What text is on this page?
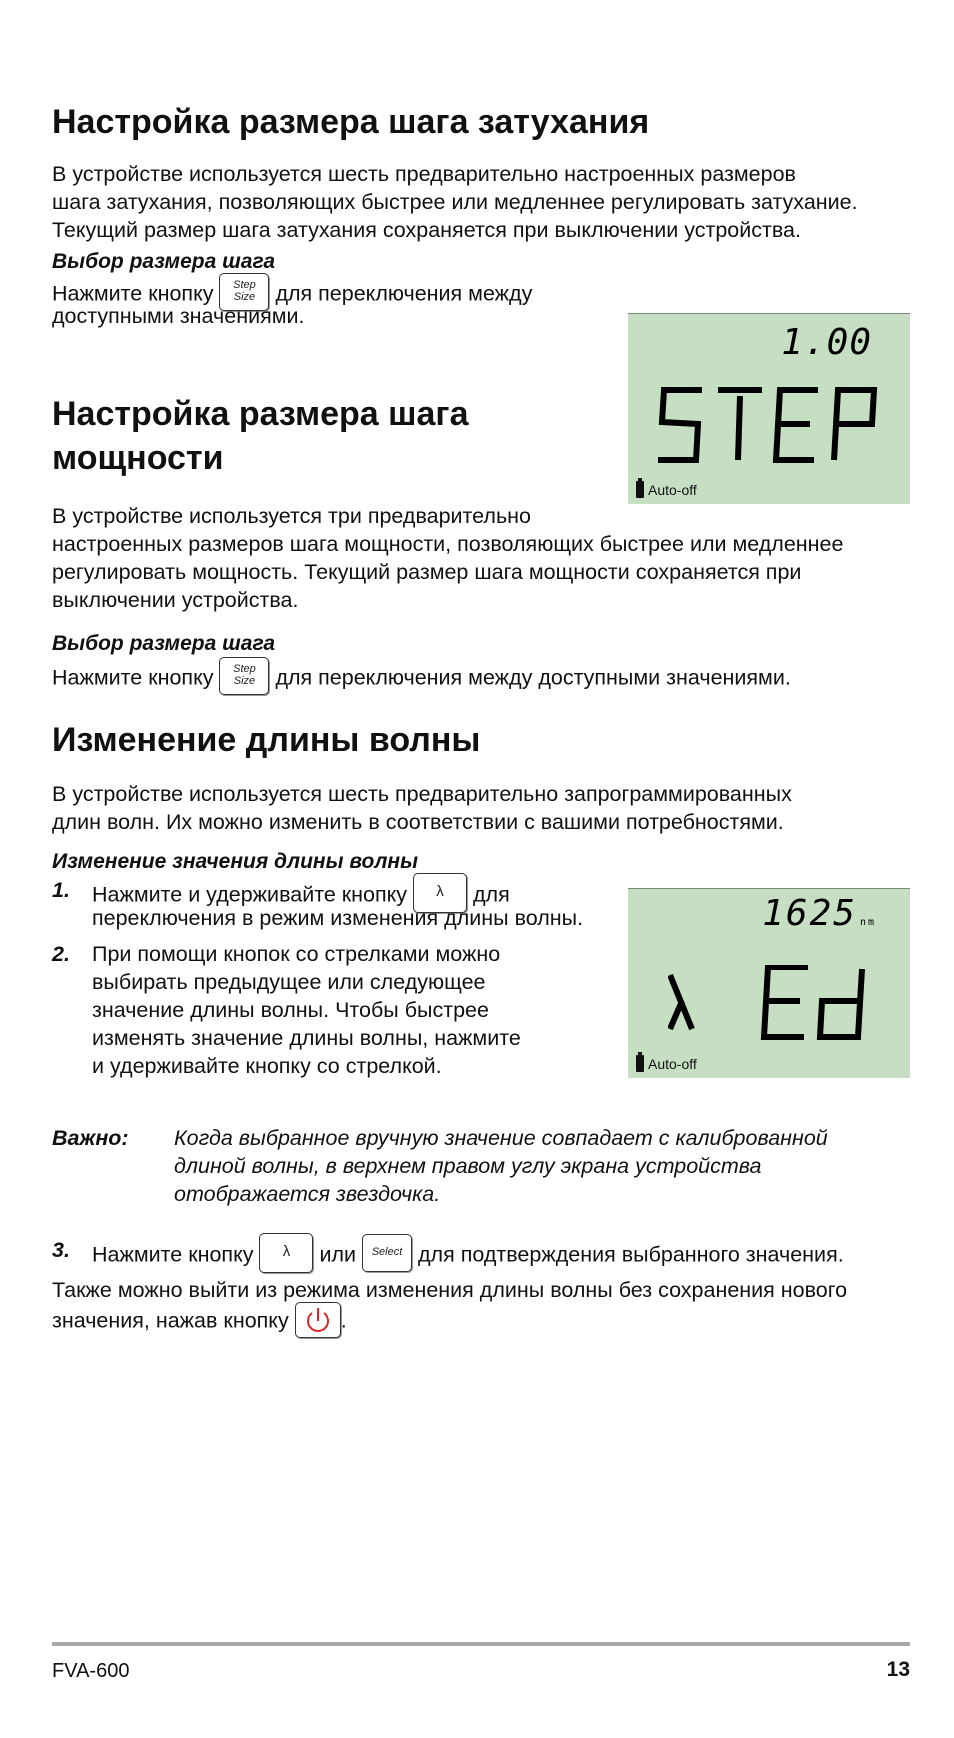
Настройка размера шага затухания

В устройстве используется шесть предварительно настроенных размеров

шага затухания, позволяющих быстрее или медленнее регулировать затухание.

Текущий размер шага затухания сохраняется при выключении устройства.

Выбор размера шага
Нажмите кнопку Step
Size для переключения между
доступными значениями.
1.00
Auto-off
Настройка размера шага
мощности

В устройстве используется три предварительно

настроенных размеров шага мощности, позволяющих быстрее или медленнее

регулировать мощность. Текущий размер шага мощности сохраняется при

выключении устройства.

Выбор размера шага
Нажмите кнопку Step
Size для переключения между доступными значениями.
Изменение длины волны

В устройстве используется шесть предварительно запрограммированных

длин волн. Их можно изменить в соответствии с вашими потребностями.

Изменение значения длины волны
1.	Нажмите и удерживайте кнопку λ для
переключения в режим изменения длины волны.
2.	При помощи кнопок со стрелками можно
выбирать предыдущее или следующее
значение длины волны. Чтобы быстрее
изменять значение длины волны, нажмите
и удерживайте кнопку со стрелкой.
1625 nm
Auto-off
Важно: Когда выбранное вручную значение совпадает с калиброванной
длиной волны, в верхнем правом углу экрана устройства
отображается звездочка.
3.	Нажмите кнопку λ или Select для подтверждения выбранного значения.
Также можно выйти из режима изменения длины волны без сохранения нового
значения, нажав кнопку .
FVA-600	13
